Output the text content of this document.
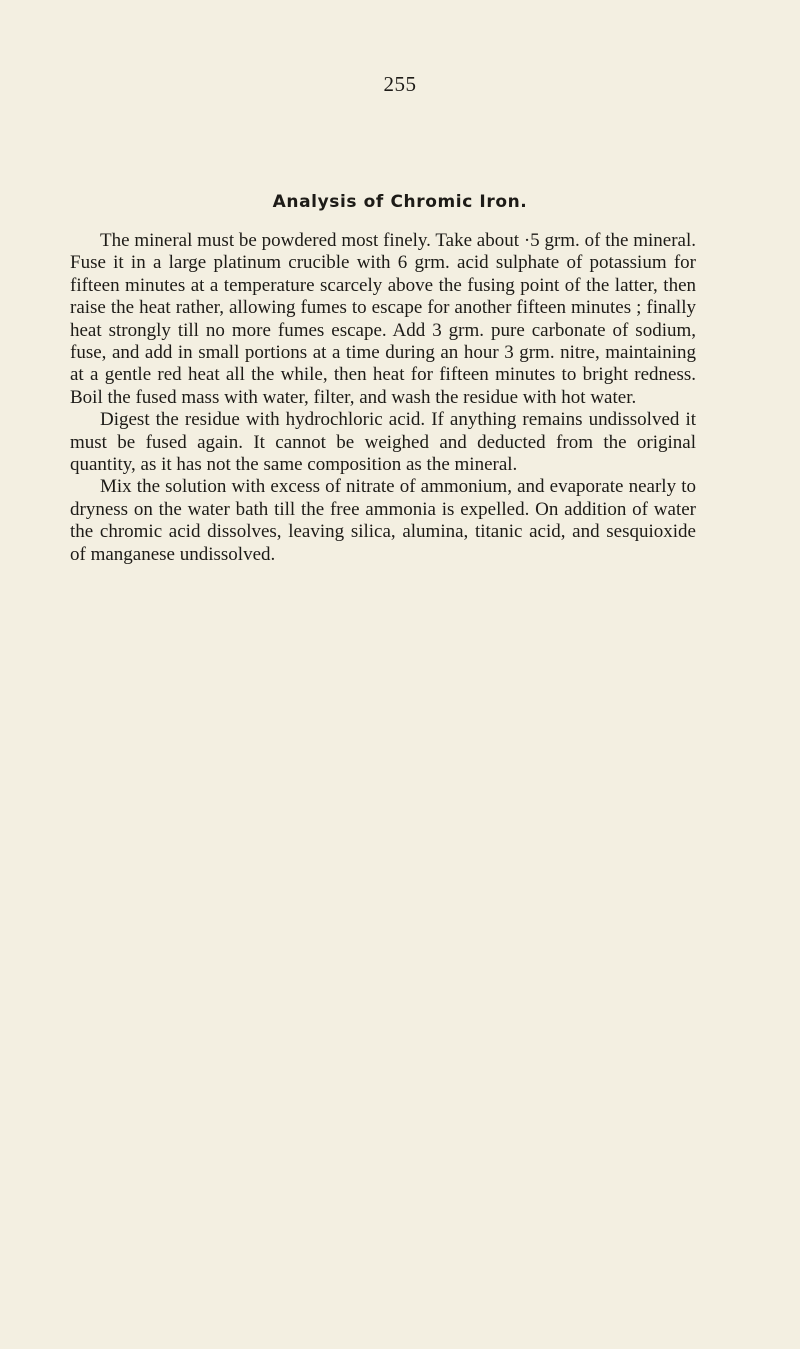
255
Analysis of Chromic Iron.

The mineral must be powdered most finely. Take about ·5 grm. of the mineral. Fuse it in a large platinum crucible with 6 grm. acid sulphate of potassium for fifteen minutes at a temperature scarcely above the fusing point of the latter, then raise the heat rather, allowing fumes to escape for another fifteen minutes ; finally heat strongly till no more fumes escape. Add 3 grm. pure carbonate of sodium, fuse, and add in small portions at a time during an hour 3 grm. nitre, maintaining at a gentle red heat all the while, then heat for fifteen minutes to bright redness. Boil the fused mass with water, filter, and wash the residue with hot water.

Digest the residue with hydrochloric acid. If anything remains undissolved it must be fused again. It cannot be weighed and deducted from the original quantity, as it has not the same composition as the mineral.

Mix the solution with excess of nitrate of ammonium, and evaporate nearly to dryness on the water bath till the free ammonia is expelled. On addition of water the chromic acid dissolves, leaving silica, alumina, titanic acid, and sesquioxide of manganese undissolved.
